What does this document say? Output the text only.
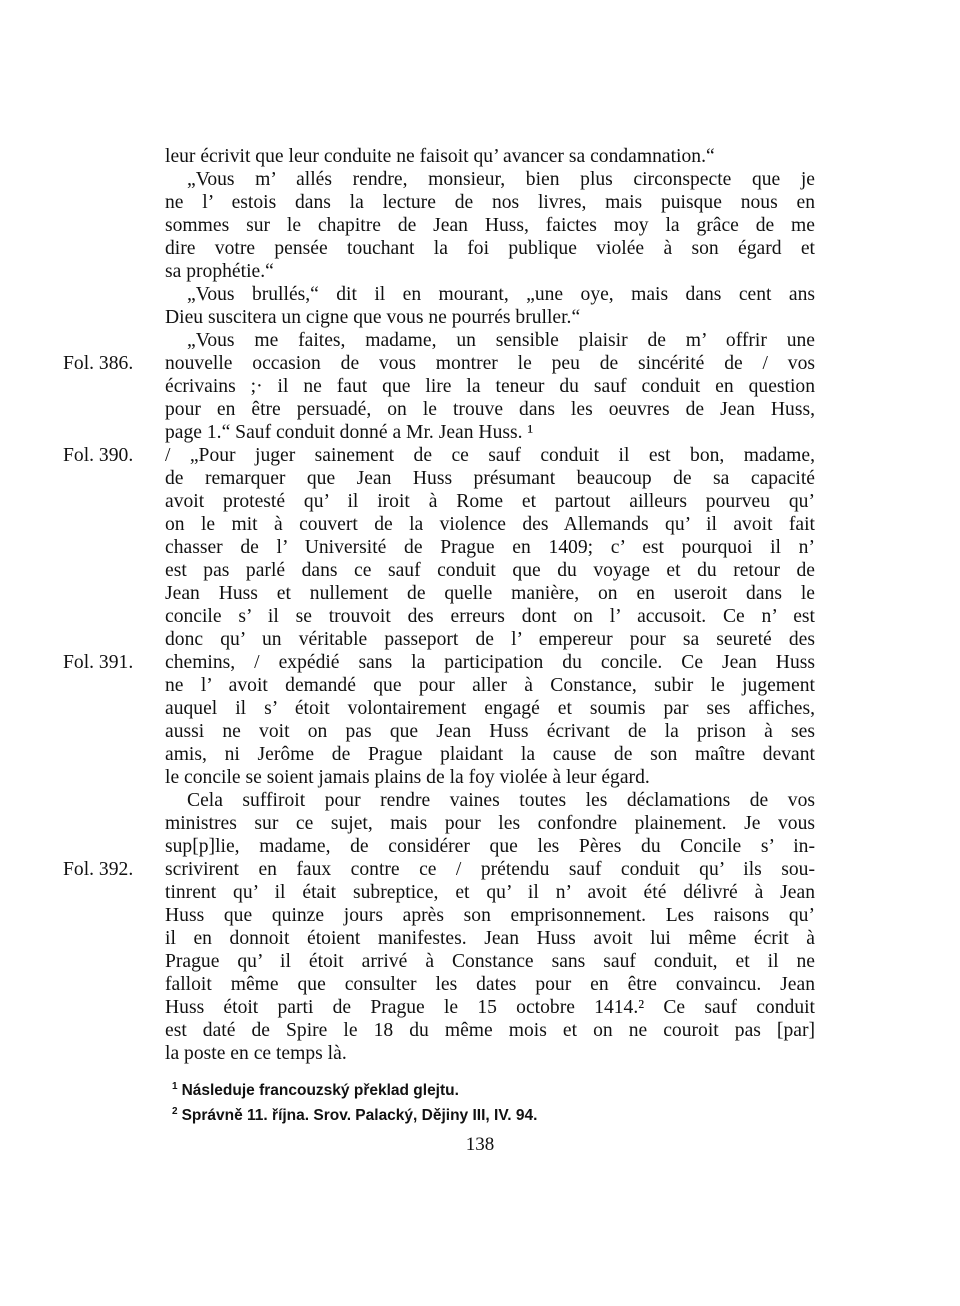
leur écrivit que leur conduite ne faisoit qu’ avancer sa condamnation.“
„Vous m’ allés rendre, monsieur, bien plus circonspecte que je
ne l’ estois dans la lecture de nos livres, mais puisque nous en
sommes sur le chapitre de Jean Huss, faictes moy la grâce de me
dire votre pensée touchant la foi publique violée à son égard et
sa prophétie.“
„Vous brullés,“ dit il en mourant, „une oye, mais dans cent ans
Dieu suscitera un cigne que vous ne pourrés bruller.“
„Vous me faites, madame, un sensible plaisir de m’ offrir une
Fol. 386. nouvelle occasion de vous montrer le peu de sincérité de / vos
écrivains ;· il ne faut que lire la teneur du sauf conduit en question
pour en être persuadé, on le trouve dans les oeuvres de Jean Huss,
page 1.“ Sauf conduit donné a Mr. Jean Huss. ¹
Fol. 390. / „Pour juger sainement de ce sauf conduit il est bon, madame,
de remarquer que Jean Huss présumant beaucoup de sa capacité
avoit protesté qu’ il iroit à Rome et partout ailleurs pourveu qu’
on le mit à couvert de la violence des Allemands qu’ il avoit fait
chasser de l’ Université de Prague en 1409; c’ est pourquoi il n’
est pas parlé dans ce sauf conduit que du voyage et du retour de
Jean Huss et nullement de quelle manière, on en useroit dans le
concile s’ il se trouvoit des erreurs dont on l’ accusoit. Ce n’ est
donc qu’ un véritable passeport de l’ empereur pour sa seureté des
Fol. 391. chemins, / expédié sans la participation du concile. Ce Jean Huss
ne l’ avoit demandé que pour aller à Constance, subir le jugement
auquel il s’ étoit volontairement engagé et soumis par ses affiches,
aussi ne voit on pas que Jean Huss écrivant de la prison à ses
amis, ni Jerôme de Prague plaidant la cause de son maître devant
le concile se soient jamais plains de la foy violée à leur égard.
Cela suffiroit pour rendre vaines toutes les déclamations de vos
ministres sur ce sujet, mais pour les confondre plainement. Je vous
sup[p]lie, madame, de considérer que les Pères du Concile s’ in-
Fol. 392. scrivirent en faux contre ce / prétendu sauf conduit qu’ ils sou-
tinrent qu’ il était subreptice, et qu’ il n’ avoit été délivré à Jean
Huss que quinze jours après son emprisonnement. Les raisons qu’
il en donnoit étoient manifestes. Jean Huss avoit lui même écrit à
Prague qu’ il étoit arrivé à Constance sans sauf conduit, et il ne
falloit même que consulter les dates pour en être convaincu. Jean
Huss étoit parti de Prague le 15 octobre 1414.² Ce sauf conduit
est daté de Spire le 18 du même mois et on ne couroit pas [par]
la poste en ce temps là.
$^1$ Následuje francouzský překlad glejtu.
$^2$ Správně 11. října. Srov. Palacký, Dějiny III, IV. 94.
138
